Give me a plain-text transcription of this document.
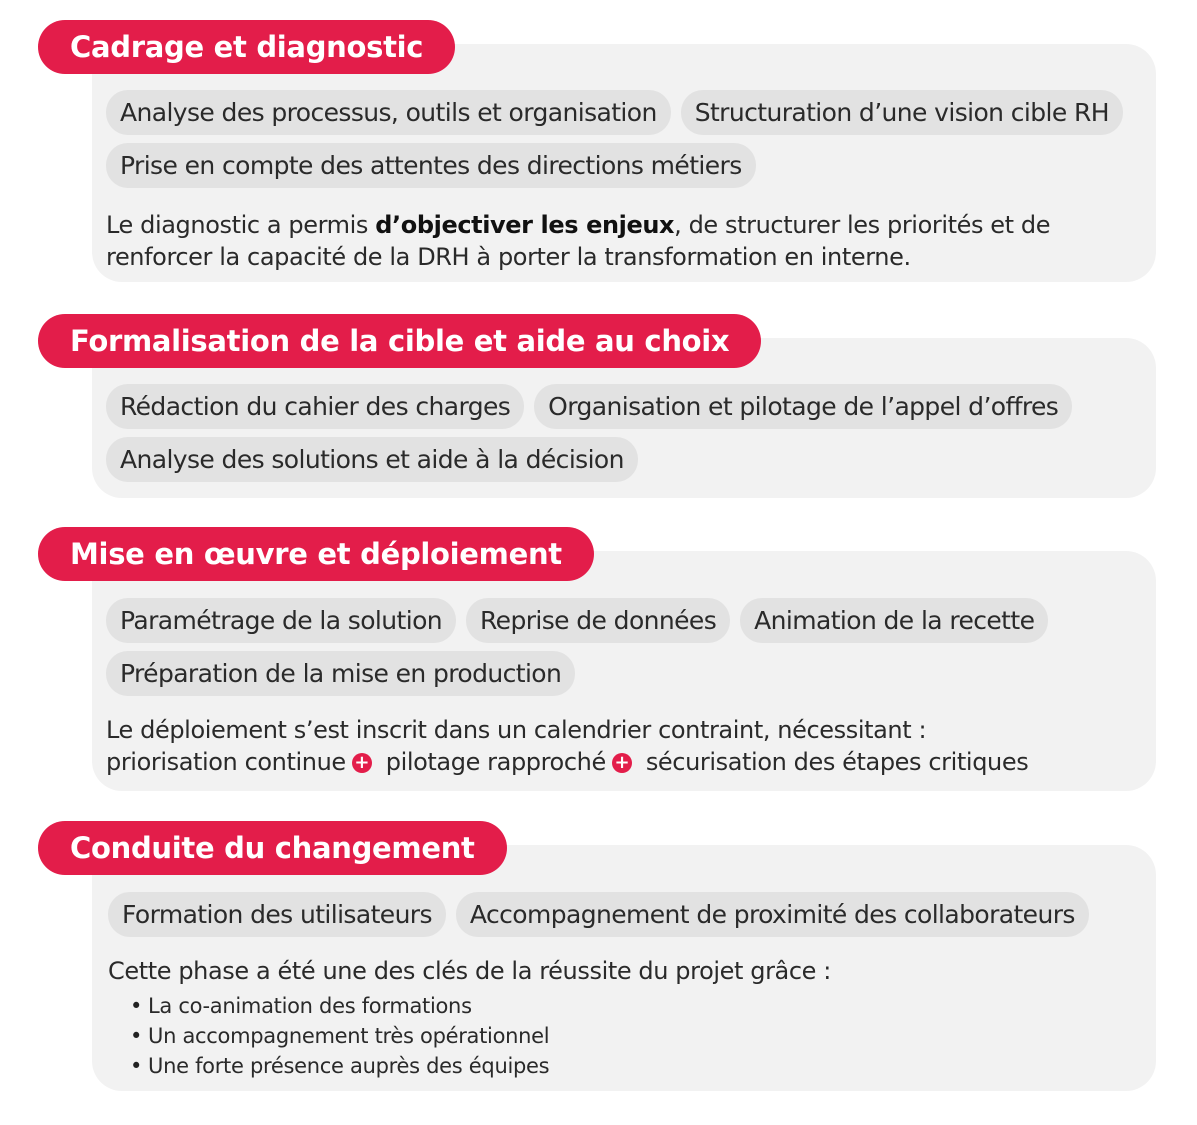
Cadrage et diagnostic
Analyse des processus, outils et organisation	Structuration d’une vision cible RH
Prise en compte des attentes des directions métiers
Le diagnostic a permis d’objectiver les enjeux, de structurer les priorités et de renforcer la capacité de la DRH à porter la transformation en interne.
Formalisation de la cible et aide au choix
Rédaction du cahier des charges	Organisation et pilotage de l’appel d’offres
Analyse des solutions et aide à la décision
Mise en œuvre et déploiement
Paramétrage de la solution	Reprise de données	Animation de la recette
Préparation de la mise en production
Le déploiement s’est inscrit dans un calendrier contraint, nécessitant :
priorisation continue + pilotage rapproché + sécurisation des étapes critiques
Conduite du changement
Formation des utilisateurs	Accompagnement de proximité des collaborateurs
Cette phase a été une des clés de la réussite du projet grâce :
• La co-animation des formations
• Un accompagnement très opérationnel
• Une forte présence auprès des équipes
